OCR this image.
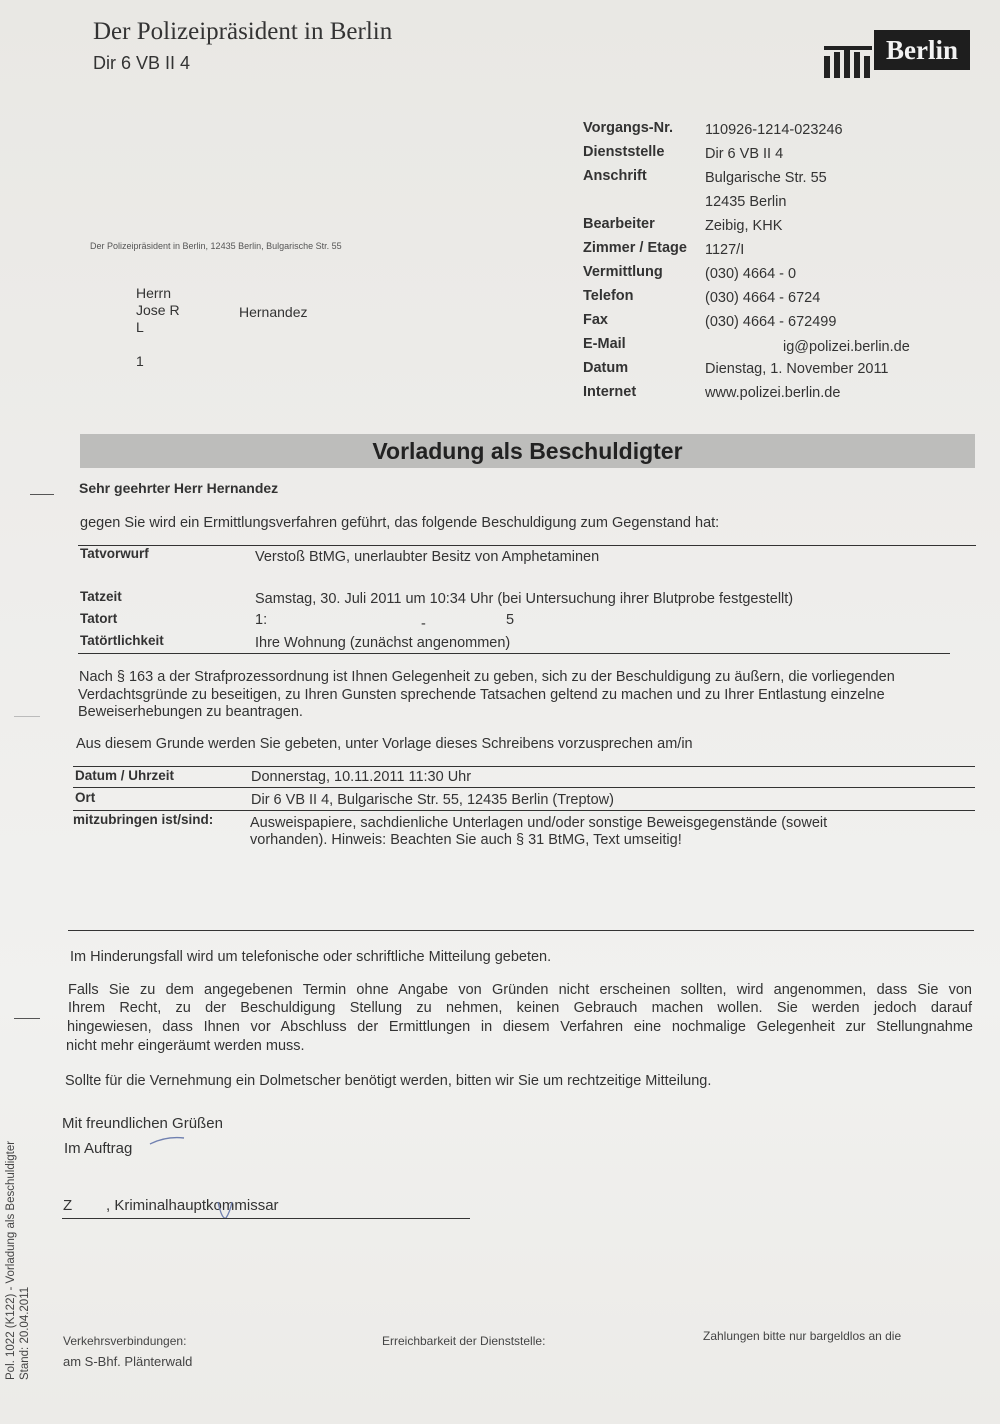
Der Polizeipräsident in Berlin
Dir 6 VB II 4	Berlin
Der Polizeipräsident in Berlin, 12435 Berlin, Bulgarische Str. 55
Herrn
Jose R	Hernandez
L
1
Vorgangs-Nr. 110926-1214-023246
Dienststelle	Dir 6 VB II 4
Anschrift	Bulgarische Str. 55
12435 Berlin
Bearbeiter	Zeibig, KHK
Zimmer / Etage 1127/I
Vermittlung	(030) 4664 - 0
Telefon	(030) 4664 - 6724
Fax	(030) 4664 - 672499
E-Mail	ig@polizei.berlin.de
Datum	Dienstag, 1. November 2011
Internet	www.polizei.berlin.de
Vorladung als Beschuldigter
Sehr geehrter Herr Hernandez
gegen Sie wird ein Ermittlungsverfahren geführt, das folgende Beschuldigung zum Gegenstand hat:
Tatvorwurf	Verstoß BtMG, unerlaubter Besitz von Amphetaminen
Tatzeit	Samstag, 30. Juli 2011 um 10:34 Uhr (bei Untersuchung ihrer Blutprobe festgestellt)
Tatort	1:	-	5
Tatörtlichkeit	Ihre Wohnung (zunächst angenommen)
Nach § 163 a der Strafprozessordnung ist Ihnen Gelegenheit zu geben, sich zu der Beschuldigung zu äußern, die vorliegenden
Verdachtsgründe zu beseitigen, zu Ihren Gunsten sprechende Tatsachen geltend zu machen und zu Ihrer Entlastung einzelne
Beweiserhebungen zu beantragen.
Aus diesem Grunde werden Sie gebeten, unter Vorlage dieses Schreibens vorzusprechen am/in
Datum / Uhrzeit	Donnerstag, 10.11.2011 11:30 Uhr
Ort	Dir 6 VB II 4, Bulgarische Str. 55, 12435 Berlin (Treptow)
mitzubringen ist/sind:	Ausweispapiere, sachdienliche Unterlagen und/oder sonstige Beweisgegenstände (soweit
vorhanden). Hinweis: Beachten Sie auch § 31 BtMG, Text umseitig!
Im Hinderungsfall wird um telefonische oder schriftliche Mitteilung gebeten.
Falls Sie zu dem angegebenen Termin ohne Angabe von Gründen nicht erscheinen sollten, wird angenommen, dass Sie von
Ihrem Recht, zu der Beschuldigung Stellung zu nehmen, keinen Gebrauch machen wollen. Sie werden jedoch darauf
hingewiesen, dass Ihnen vor Abschluss der Ermittlungen in diesem Verfahren eine nochmalige Gelegenheit zur Stellungnahme
nicht mehr eingeräumt werden muss.
Sollte für die Vernehmung ein Dolmetscher benötigt werden, bitten wir Sie um rechtzeitige Mitteilung.
Mit freundlichen Grüßen
Im Auftrag
Z , Kriminalhauptkommissar
Verkehrsverbindungen:
am S-Bhf. Plänterwald
Erreichbarkeit der Dienststelle:	Zahlungen bitte nur bargeldlos an die
Pol. 1022 (K122) - Vorladung als Beschuldigter Stand: 20.04.2011
